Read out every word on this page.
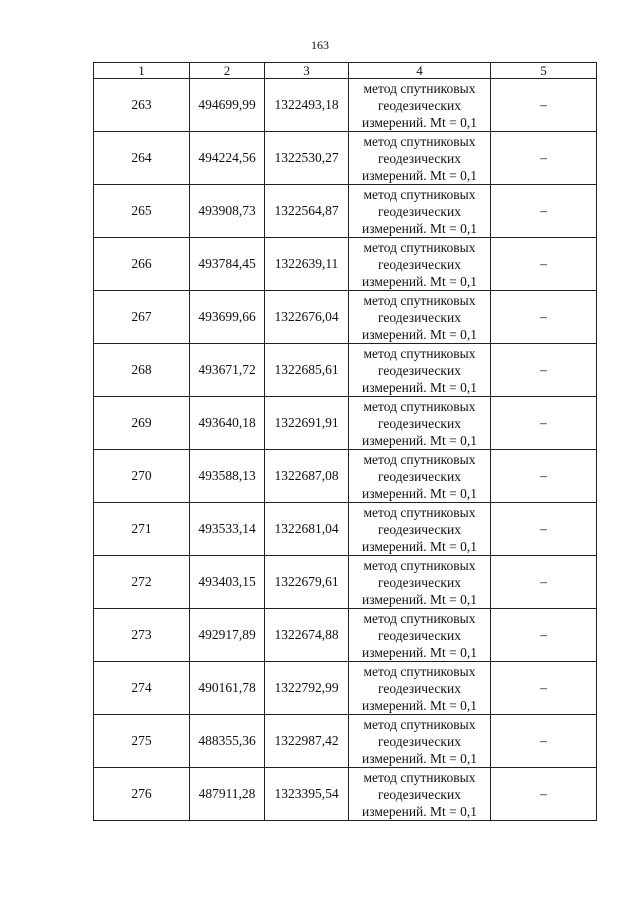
163
1	2	3	4	5
263	494699,99	1322493,18	метод спутниковых
геодезических
измерений. Mt = 0,1	–
264	494224,56	1322530,27	метод спутниковых
геодезических
измерений. Mt = 0,1	–
265	493908,73	1322564,87	метод спутниковых
геодезических
измерений. Mt = 0,1	–
266	493784,45	1322639,11	метод спутниковых
геодезических
измерений. Mt = 0,1	–
267	493699,66	1322676,04	метод спутниковых
геодезических
измерений. Mt = 0,1	–
268	493671,72	1322685,61	метод спутниковых
геодезических
измерений. Mt = 0,1	–
269	493640,18	1322691,91	метод спутниковых
геодезических
измерений. Mt = 0,1	–
270	493588,13	1322687,08	метод спутниковых
геодезических
измерений. Mt = 0,1	–
271	493533,14	1322681,04	метод спутниковых
геодезических
измерений. Mt = 0,1	–
272	493403,15	1322679,61	метод спутниковых
геодезических
измерений. Mt = 0,1	–
273	492917,89	1322674,88	метод спутниковых
геодезических
измерений. Mt = 0,1	–
274	490161,78	1322792,99	метод спутниковых
геодезических
измерений. Mt = 0,1	–
275	488355,36	1322987,42	метод спутниковых
геодезических
измерений. Mt = 0,1	–
276	487911,28	1323395,54	метод спутниковых
геодезических
измерений. Mt = 0,1	–
